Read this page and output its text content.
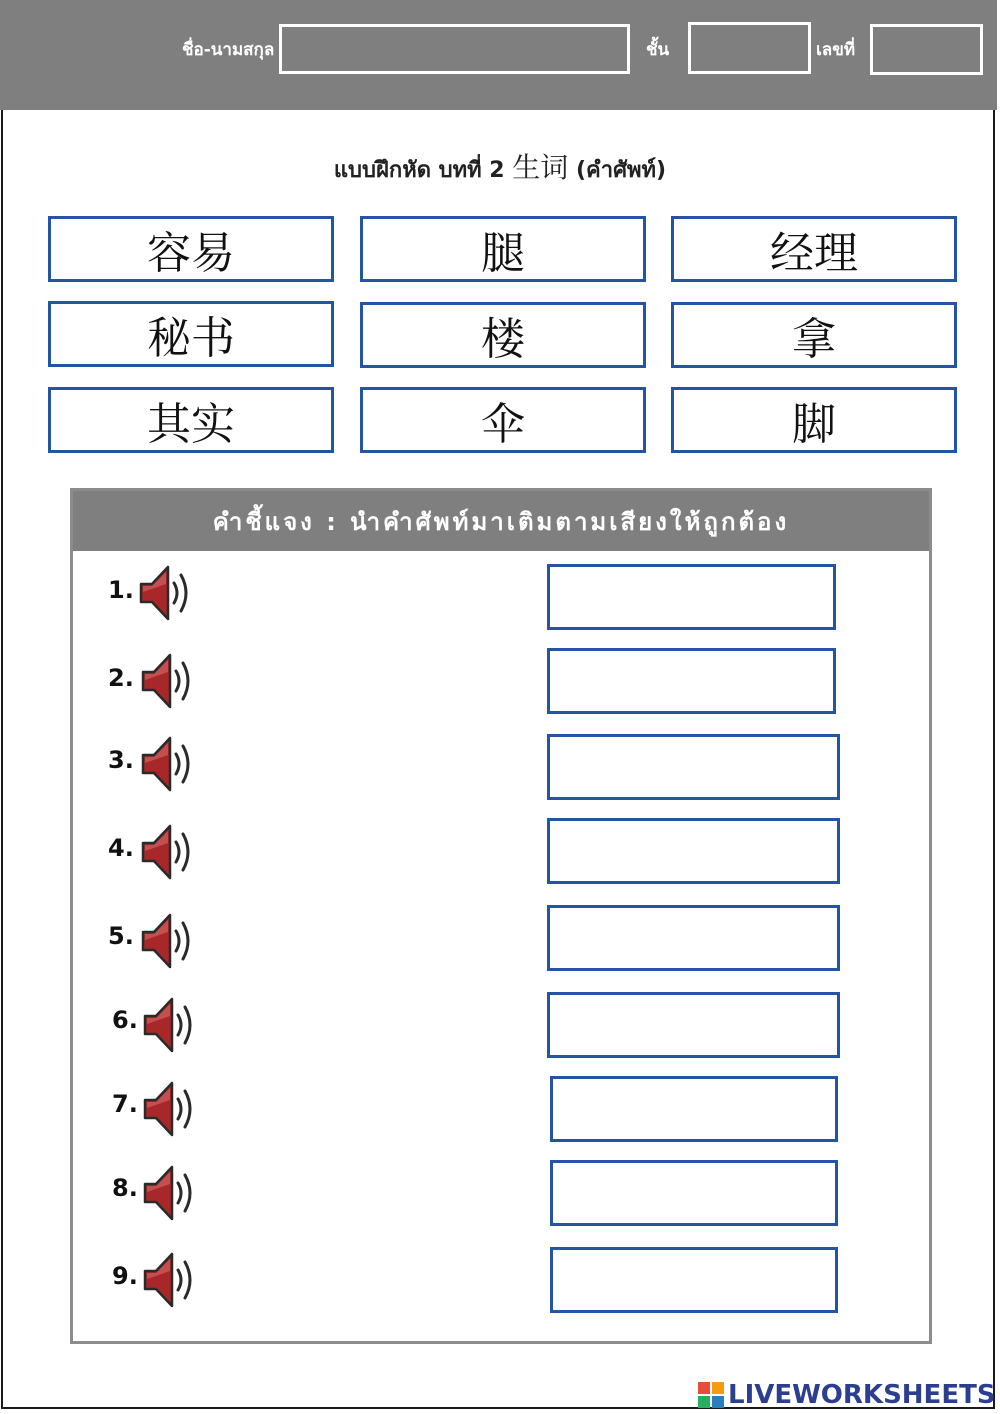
ชื่อ-นามสกุล	ชั้น	เลขที่
แบบฝึกหัด บทที่ 2 生词 (คำศัพท์)
容易	腿	经理
秘书	楼	拿
其实	伞	脚
คำชี้แจง : นำคำศัพท์มาเติมตามเสียงให้ถูกต้อง
1.
2.
3.
4.
5.
6.
7.
8.
9.
LIVEWORKSHEETS
